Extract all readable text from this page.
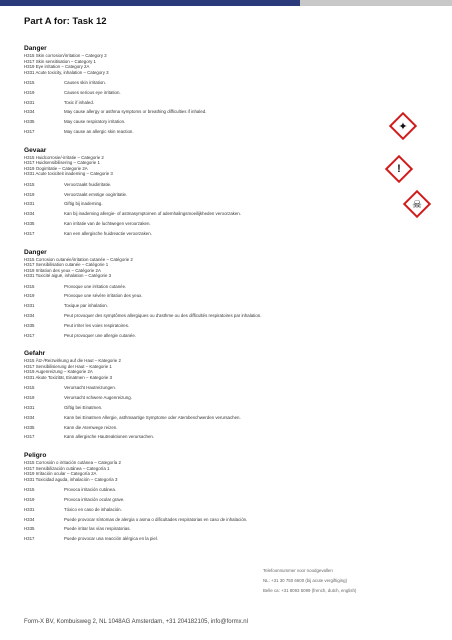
Part A for: Task 12
Danger
H315 Skin corrosion/irritation – Category 2
H317 Skin sensitisation – Category 1
H319 Eye irritation – Category 2A
H331 Acute toxicity, inhalation – Category 3
H315	Causes skin irritation.
H319	Causes serious eye irritation.
H331	Toxic if inhaled.
H334	May cause allergy or asthma symptoms or breathing difficulties if inhaled.
H335	May cause respiratory irritation.
H317	May cause an allergic skin reaction.
Gevaar
H315 Huidcorrosie/-irritatie – Categorie 2
H317 Huidsensibilisering – Categorie 1
H319 Oogirritatie – Categorie 2A
H331 Acute toxiciteit inademing – Categorie 3
H315	Veroorzaakt huidirritatie.
H319	Veroorzaakt ernstige oogirritatie.
H331	Giftig bij inademing.
H334	Kan bij inademing allergie- of astmasymptomen of ademhalingsmoeilijkheden veroorzaken.
H335	Kan irritatie van de luchtwegen veroorzaken.
H317	Kan een allergische huidreactie veroorzaken.
Danger
H315 Corrosion cutanée/irritation cutanée – Catégorie 2
H317 Sensibilisation cutanée – Catégorie 1
H319 Irritation des yeux – Catégorie 2A
H331 Toxicité aiguë, inhalation – Catégorie 3
H315	Provoque une irritation cutanée.
H319	Provoque une sévère irritation des yeux.
H331	Toxique par inhalation.
H334	Peut provoquer des symptômes allergiques ou d'asthme ou des difficultés respiratoires par inhalation.
H335	Peut irriter les voies respiratoires.
H317	Peut provoquer une allergie cutanée.
Gefahr
H315 Ätz-/Reizwirkung auf die Haut – Kategorie 2
H317 Sensibilisierung der Haut – Kategorie 1
H319 Augenreizung – Kategorie 2A
H331 Akute Toxizität, Einatmen – Kategorie 3
H315	Verursacht Hautreizungen.
H319	Verursacht schwere Augenreizung.
H331	Giftig bei Einatmen.
H334	Kann bei Einatmen Allergie, asthmaartige Symptome oder Atembeschwerden verursachen.
H335	Kann die Atemwege reizen.
H317	Kann allergische Hautreaktionen verursachen.
Peligro
H315 Corrosión o irritación cutánea – Categoría 2
H317 Sensibilización cutánea – Categoría 1
H319 Irritación ocular – Categoría 2A
H331 Toxicidad aguda, inhalación – Categoría 3
H315	Provoca irritación cutánea.
H319	Provoca irritación ocular grave.
H331	Tóxico en caso de inhalación.
H334	Puede provocar síntomas de alergia o asma o dificultades respiratorias en caso de inhalación.
H335	Puede irritar las vías respiratorias.
H317	Puede provocar una reacción alérgica en la piel.
✦
!
☠
Telefoonnummer voor noodgevallen
NL: +31 30 750 6600 (bij acute vergiftiging)
Belle ca: +31 8093 5099 (french, dutch, english)
Form-X BV, Kombuisweg 2, NL 1048AG Amsterdam, +31 204182105, info@formx.nl
